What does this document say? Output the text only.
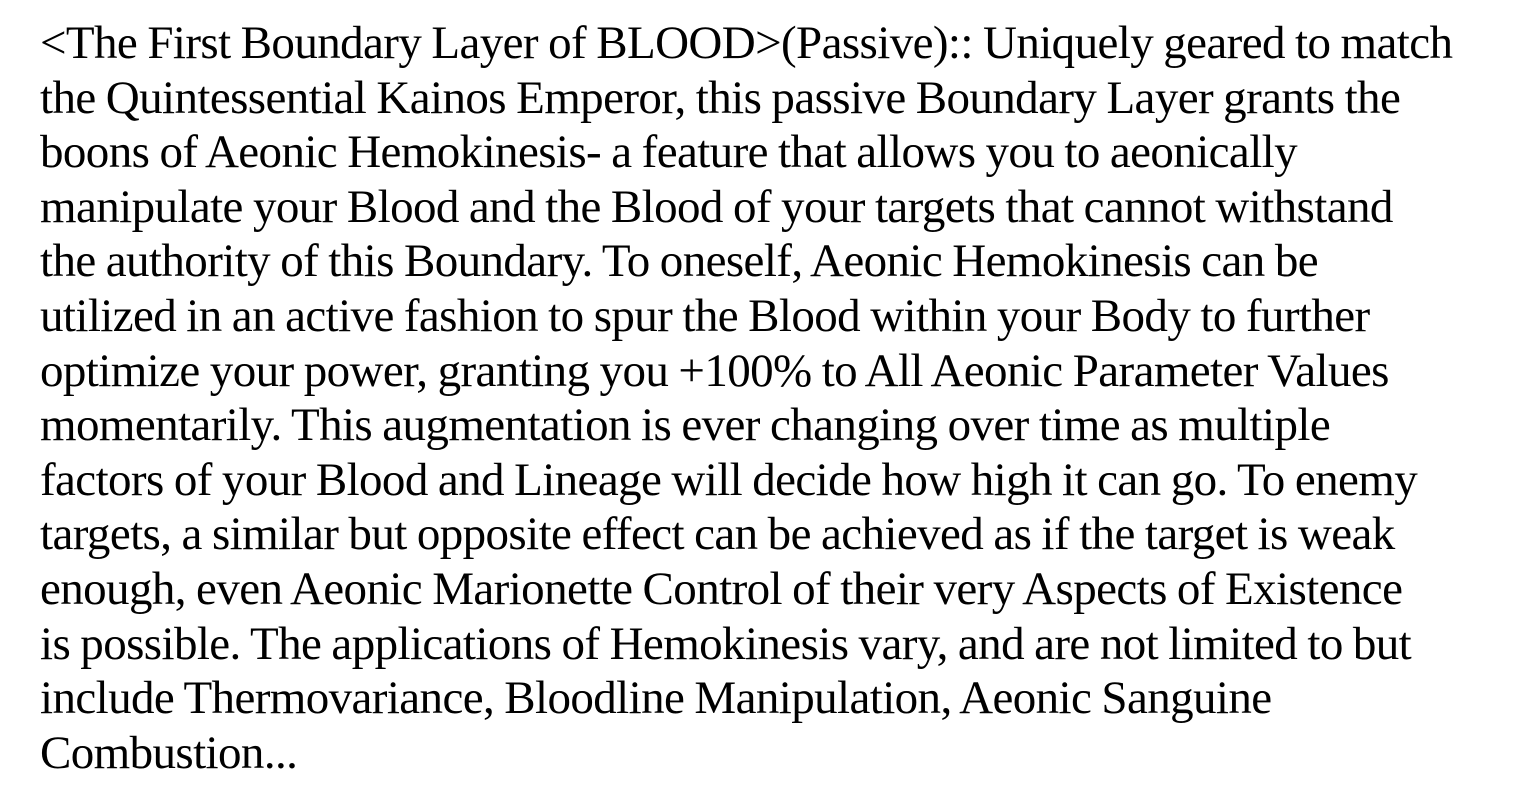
<The First Boundary Layer of BLOOD>(Passive):: Uniquely geared to match
the Quintessential Kainos Emperor, this passive Boundary Layer grants the
boons of Aeonic Hemokinesis- a feature that allows you to aeonically
manipulate your Blood and the Blood of your targets that cannot withstand
the authority of this Boundary. To oneself, Aeonic Hemokinesis can be
utilized in an active fashion to spur the Blood within your Body to further
optimize your power, granting you +100% to All Aeonic Parameter Values
momentarily. This augmentation is ever changing over time as multiple
factors of your Blood and Lineage will decide how high it can go. To enemy
targets, a similar but opposite effect can be achieved as if the target is weak
enough, even Aeonic Marionette Control of their very Aspects of Existence
is possible. The applications of Hemokinesis vary, and are not limited to but
include Thermovariance, Bloodline Manipulation, Aeonic Sanguine
Combustion...
